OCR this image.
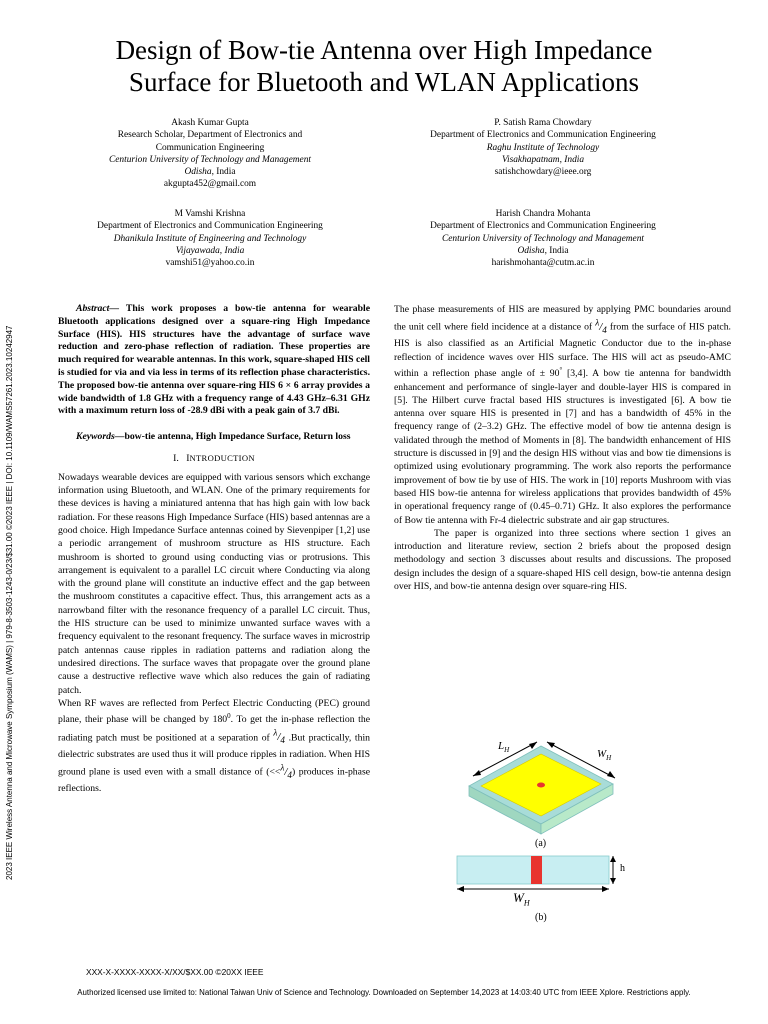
Design of Bow-tie Antenna over High Impedance
Surface for Bluetooth and WLAN Applications
Akash Kumar Gupta
Research Scholar, Department of Electronics and
Communication Engineering
Centurion University of Technology and Management
Odisha, India
akgupta452@gmail.com
P. Satish Rama Chowdary
Department of Electronics and Communication Engineering
Raghu Institute of Technology
Visakhapatnam, India
satishchowdary@ieee.org
M Vamshi Krishna
Department of Electronics and Communication Engineering
Dhanikula Institute of Engineering and Technology
Vijayawada, India
vamshi51@yahoo.co.in
Harish Chandra Mohanta
Department of Electronics and Communication Engineering
Centurion University of Technology and Management
Odisha, India
harishmohanta@cutm.ac.in

Abstract— This work proposes a bow-tie antenna for wearable Bluetooth applications designed over a square-ring High Impedance Surface (HIS). HIS structures have the advantage of surface wave reduction and zero-phase reflection of radiation. These properties are much required for wearable antennas. In this work, square-shaped HIS cell is studied for via and via less in terms of its reflection phase characteristics. The proposed bow-tie antenna over square-ring HIS 6 × 6 array provides a wide bandwidth of 1.8 GHz with a frequency range of 4.43 GHz–6.31 GHz with a maximum return loss of -28.9 dBi with a peak gain of 3.7 dBi.

Keywords—bow-tie antenna, High Impedance Surface, Return loss

I. INTRODUCTION

Nowadays wearable devices are equipped with various sensors which exchange information using Bluetooth, and WLAN. One of the primary requirements for these devices is having a miniatured antenna that has high gain with low back radiation. For these reasons High Impedance Surface (HIS) based antennas are a good choice. High Impedance Surface antennas coined by Sievenpiper [1,2] use a periodic arrangement of mushroom structure as HIS structure. Each mushroom is shorted to ground using conducting vias or protrusions. This arrangement is equivalent to a parallel LC circuit where Conducting via along with the ground plane will constitute an inductive effect and the gap between the mushroom constitutes a capacitive effect. Thus, this arrangement acts as a narrowband filter with the resonance frequency of a parallel LC circuit. Thus, the HIS structure can be used to minimize unwanted surface waves with a frequency equivalent to the resonant frequency. The surface waves in microstrip patch antennas cause ripples in radiation patterns and radiation along the undesired directions. The surface waves that propagate over the ground plane cause a destructive reflective wave which also reduces the gain of radiating patch.

When RF waves are reflected from Perfect Electric Conducting (PEC) ground plane, their phase will be changed by $180^0$. To get the in-phase reflection the radiating patch must be positioned at a separation of $^\lambda/_4$ .But practically, thin dielectric substrates are used thus it will produce ripples in radiation. When HIS ground plane is used even with a small distance of $(<<^\lambda/_4)$ produces in-phase reflections.

The phase measurements of HIS are measured by applying PMC boundaries around the unit cell where field incidence at a distance of $^\lambda/_4$ from the surface of HIS patch. HIS is also classified as an Artificial Magnetic Conductor due to the in-phase reflection of incidence waves over HIS surface. The HIS will act as pseudo-AMC within a reflection phase angle of ± 90° [3,4]. A bow tie antenna for bandwidth enhancement and performance of single-layer and double-layer HIS is compared in [5]. The Hilbert curve fractal based HIS structures is investigated [6]. A bow tie antenna over square HIS is presented in [7] and has a bandwidth of 45% in the frequency range of (2–3.2) GHz. The effective model of bow tie antenna design is validated through the method of Moments in [8]. The bandwidth enhancement of HIS structure is discussed in [9] and the design HIS without vias and bow tie dimensions is optimized using evolutionary programming. The work also reports the performance improvement of bow tie by use of HIS. The work in [10] reports Mushroom with vias based HIS bow-tie antenna for wireless applications that provides bandwidth of 45% in operational frequency range of (0.45–0.71) GHz. It also explores the performance of Bow tie antenna with Fr-4 dielectric substrate and air gap structures.

The paper is organized into three sections where section 1 gives an introduction and literature review, section 2 briefs about the proposed design methodology and section 3 discusses about results and discussions. The proposed design includes the design of a square-shaped HIS cell design, bow-tie antenna design over HIS, and bow-tie antenna design over square-ring HIS.

$L_H$	$W_H$
(a)
h
$W_H$
(b)
2023 IEEE Wireless Antenna and Microwave Symposium (WAMS) | 979-8-3503-1243-0/23/$31.00 ©2023 IEEE | DOI: 10.1109/WAMS57261.2023.10242947
XXX-X-XXXX-XXXX-X/XX/$XX.00 ©20XX IEEE
Authorized licensed use limited to: National Taiwan Univ of Science and Technology. Downloaded on September 14,2023 at 14:03:40 UTC from IEEE Xplore. Restrictions apply.
